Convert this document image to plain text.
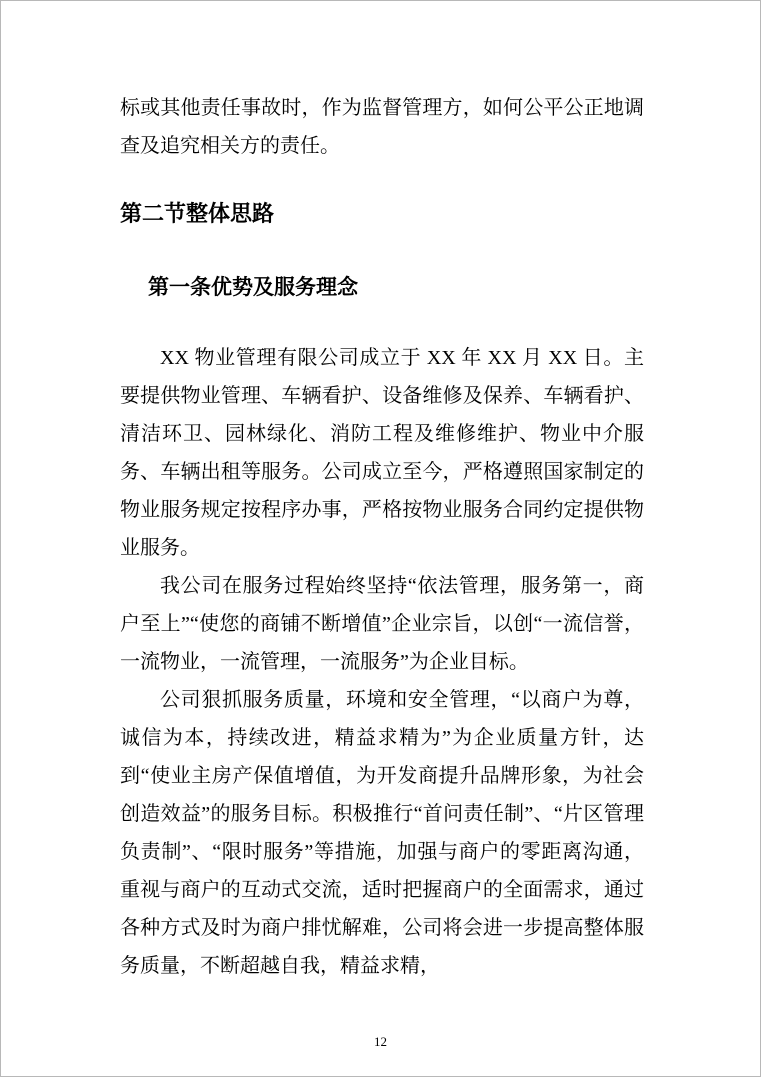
标或其他责任事故时，作为监督管理方，如何公平公正地调查及追究相关方的责任。

第二节整体思路
第一条优势及服务理念

XX 物业管理有限公司成立于 XX 年 XX 月 XX 日。主要提供物业管理、车辆看护、设备维修及保养、车辆看护、清洁环卫、园林绿化、消防工程及维修维护、物业中介服务、车辆出租等服务。公司成立至今，严格遵照国家制定的物业服务规定按程序办事，严格按物业服务合同约定提供物业服务。

我公司在服务过程始终坚持“依法管理，服务第一，商户至上”“使您的商铺不断增值”企业宗旨，以创“一流信誉，一流物业，一流管理，一流服务”为企业目标。

公司狠抓服务质量，环境和安全管理，“以商户为尊，诚信为本，持续改进，精益求精为”为企业质量方针，达到“使业主房产保值增值，为开发商提升品牌形象，为社会创造效益”的服务目标。积极推行“首问责任制”、“片区管理负责制”、“限时服务”等措施，加强与商户的零距离沟通，重视与商户的互动式交流，适时把握商户的全面需求，通过各种方式及时为商户排忧解难，公司将会进一步提高整体服务质量，不断超越自我，精益求精，

12
